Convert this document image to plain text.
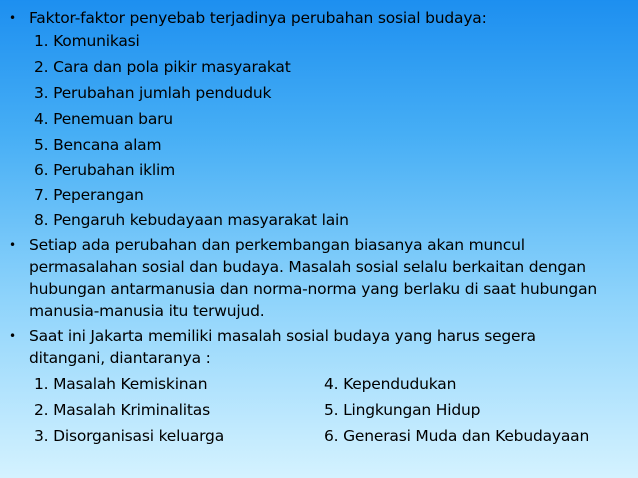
• Faktor-faktor penyebab terjadinya perubahan sosial budaya:
1. Komunikasi
2. Cara dan pola pikir masyarakat
3. Perubahan jumlah penduduk
4. Penemuan baru
5. Bencana alam
6. Perubahan iklim
7. Peperangan
8. Pengaruh kebudayaan masyarakat lain
• Setiap ada perubahan dan perkembangan biasanya akan muncul
permasalahan sosial dan budaya. Masalah sosial selalu berkaitan dengan
hubungan antarmanusia dan norma-norma yang berlaku di saat hubungan
manusia-manusia itu terwujud.
• Saat ini Jakarta memiliki masalah sosial budaya yang harus segera
ditangani, diantaranya :
1. Masalah Kemiskinan	4. Kependudukan
2. Masalah Kriminalitas	5. Lingkungan Hidup
3. Disorganisasi keluarga	6. Generasi Muda dan Kebudayaan
